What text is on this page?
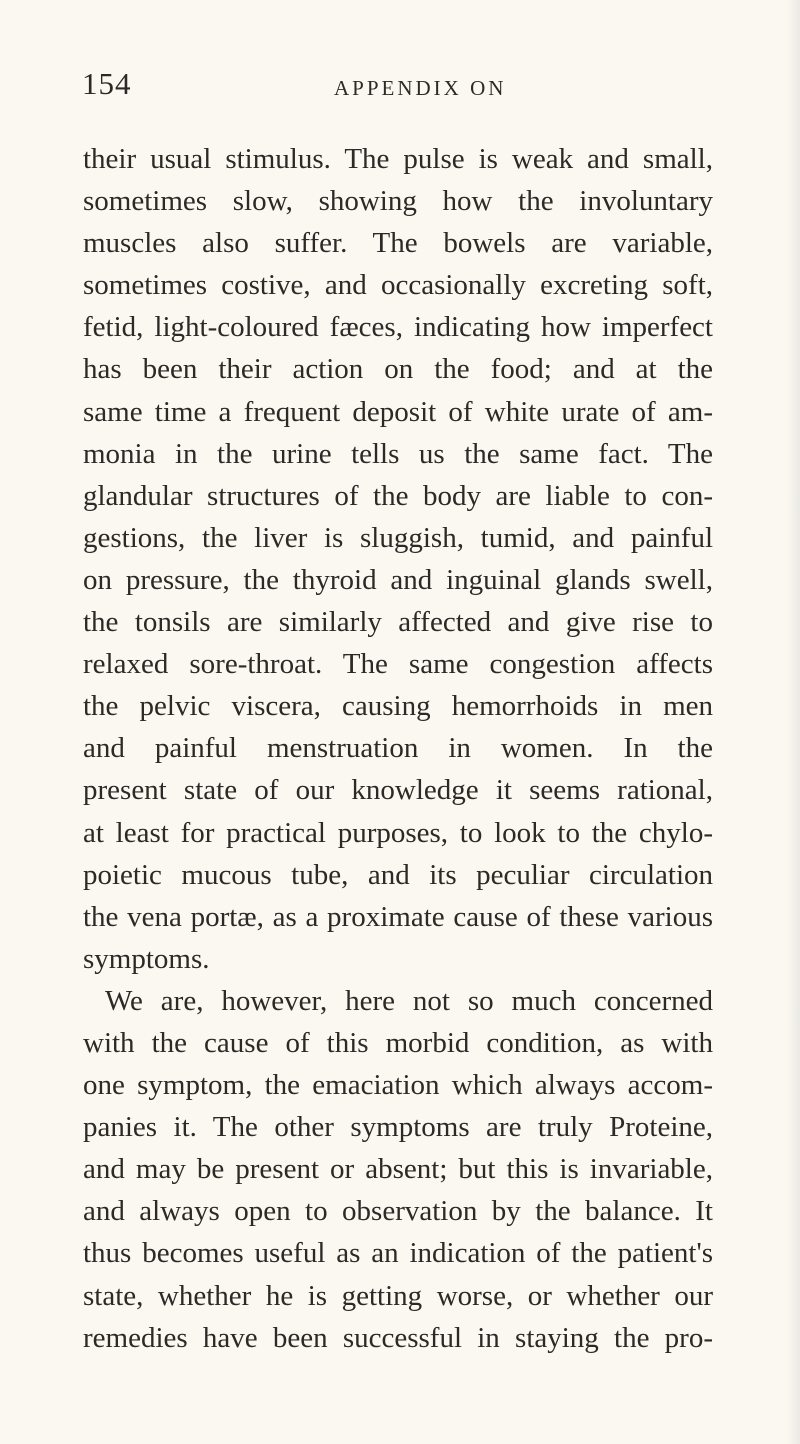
154	APPENDIX ON
their usual stimulus. The pulse is weak and small,
sometimes slow, showing how the involuntary
muscles also suffer. The bowels are variable,
sometimes costive, and occasionally excreting soft,
fetid, light-coloured fæces, indicating how imperfect
has been their action on the food; and at the
same time a frequent deposit of white urate of am-
monia in the urine tells us the same fact. The
glandular structures of the body are liable to con-
gestions, the liver is sluggish, tumid, and painful
on pressure, the thyroid and inguinal glands swell,
the tonsils are similarly affected and give rise to
relaxed sore-throat. The same congestion affects
the pelvic viscera, causing hemorrhoids in men
and painful menstruation in women. In the
present state of our knowledge it seems rational,
at least for practical purposes, to look to the chylo-
poietic mucous tube, and its peculiar circulation
the vena portæ, as a proximate cause of these various
symptoms.
We are, however, here not so much concerned
with the cause of this morbid condition, as with
one symptom, the emaciation which always accom-
panies it. The other symptoms are truly Proteine,
and may be present or absent; but this is invariable,
and always open to observation by the balance. It
thus becomes useful as an indication of the patient's
state, whether he is getting worse, or whether our
remedies have been successful in staying the pro-
